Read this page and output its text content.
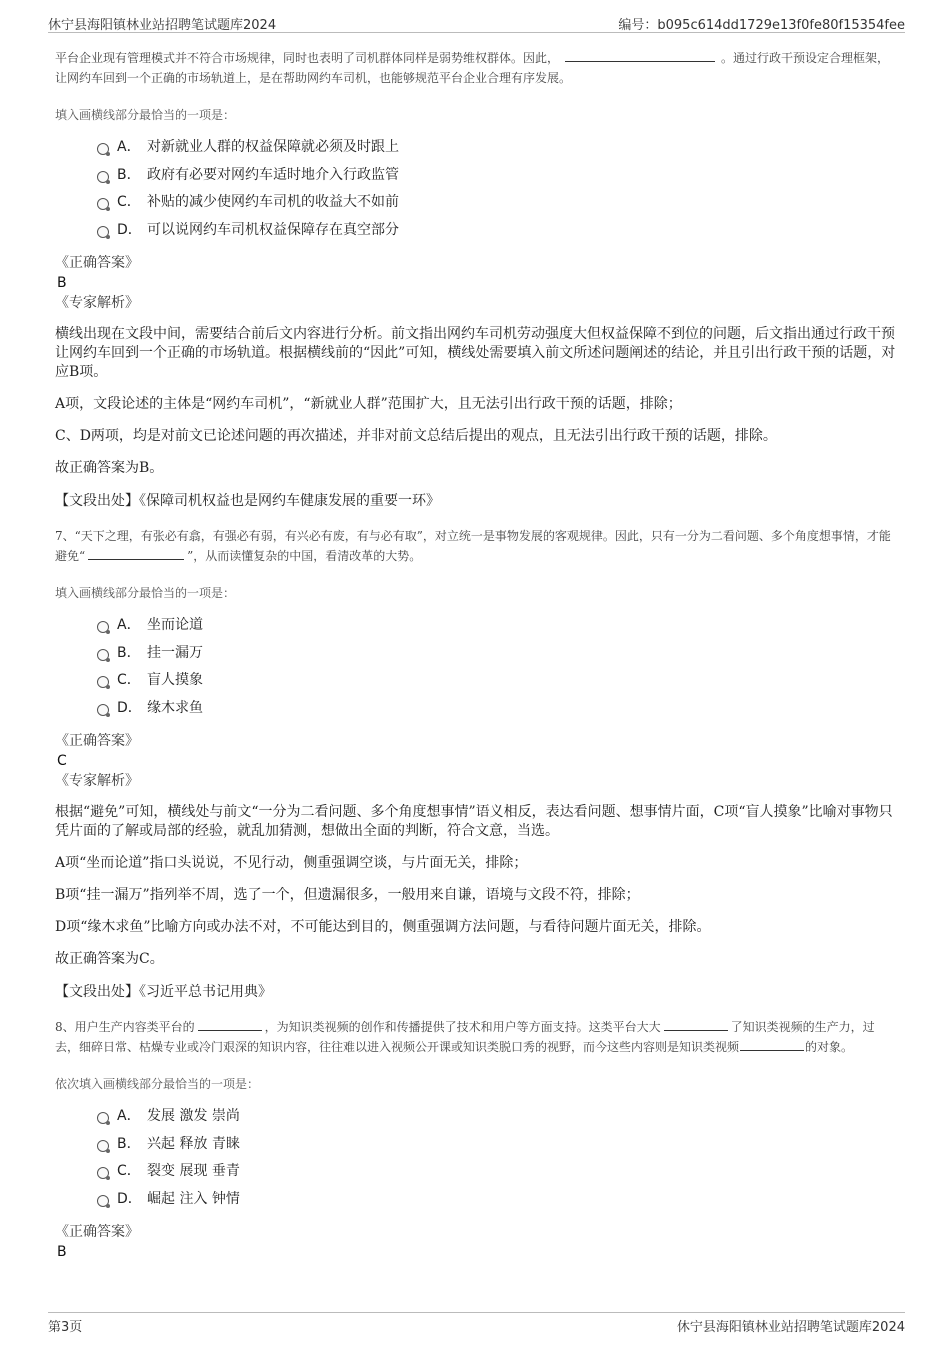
休宁县海阳镇林业站招聘笔试题库2024	编号：b095c614dd1729e13f0fe80f15354fee

平台企业现有管理模式并不符合市场规律，同时也表明了司机群体同样是弱势维权群体。因此，	。通过行政干预设定合理框架，让网约车回到一个正确的市场轨道上，是在帮助网约车司机，也能够规范平台企业合理有序发展。

填入画横线部分最恰当的一项是：

A． 对新就业人群的权益保障就必须及时跟上
B． 政府有必要对网约车适时地介入行政监管
C． 补贴的减少使网约车司机的收益大不如前
D． 可以说网约车司机权益保障存在真空部分

《正确答案》

B

《专家解析》

横线出现在文段中间，需要结合前后文内容进行分析。前文指出网约车司机劳动强度大但权益保障不到位的问题，后文指出通过行政干预让网约车回到一个正确的市场轨道。根据横线前的“因此”可知，横线处需要填入前文所述问题阐述的结论，并且引出行政干预的话题，对应B项。

A项，文段论述的主体是“网约车司机”，“新就业人群”范围扩大，且无法引出行政干预的话题，排除；

C、D两项，均是对前文已论述问题的再次描述，并非对前文总结后提出的观点，且无法引出行政干预的话题，排除。

故正确答案为B。

【文段出处】《保障司机权益也是网约车健康发展的重要一环》

7、“天下之理，有张必有翕，有强必有弱，有兴必有废，有与必有取”，对立统一是事物发展的客观规律。因此，只有一分为二看问题、多个角度想事情，才能避免“	”，从而读懂复杂的中国，看清改革的大势。

填入画横线部分最恰当的一项是：

A． 坐而论道
B． 挂一漏万
C． 盲人摸象
D． 缘木求鱼

《正确答案》

C

《专家解析》

根据“避免”可知，横线处与前文“一分为二看问题、多个角度想事情”语义相反，表达看问题、想事情片面，C项“盲人摸象”比喻对事物只凭片面的了解或局部的经验，就乱加猜测，想做出全面的判断，符合文意，当选。

A项“坐而论道”指口头说说，不见行动，侧重强调空谈，与片面无关，排除；

B项“挂一漏万”指列举不周，选了一个，但遗漏很多，一般用来自谦，语境与文段不符，排除；

D项“缘木求鱼”比喻方向或办法不对，不可能达到目的，侧重强调方法问题，与看待问题片面无关，排除。

故正确答案为C。

【文段出处】《习近平总书记用典》

8、用户生产内容类平台的	，为知识类视频的创作和传播提供了技术和用户等方面支持。这类平台大大	了知识类视频的生产力，过去，细碎日常、枯燥专业或冷门艰深的知识内容，往往难以进入视频公开课或知识类脱口秀的视野，而今这些内容则是知识类视频	的对象。

依次填入画横线部分最恰当的一项是：

A． 发展 激发 崇尚
B． 兴起 释放 青睐
C． 裂变 展现 垂青
D． 崛起 注入 钟情

《正确答案》

B

第3页	休宁县海阳镇林业站招聘笔试题库2024
